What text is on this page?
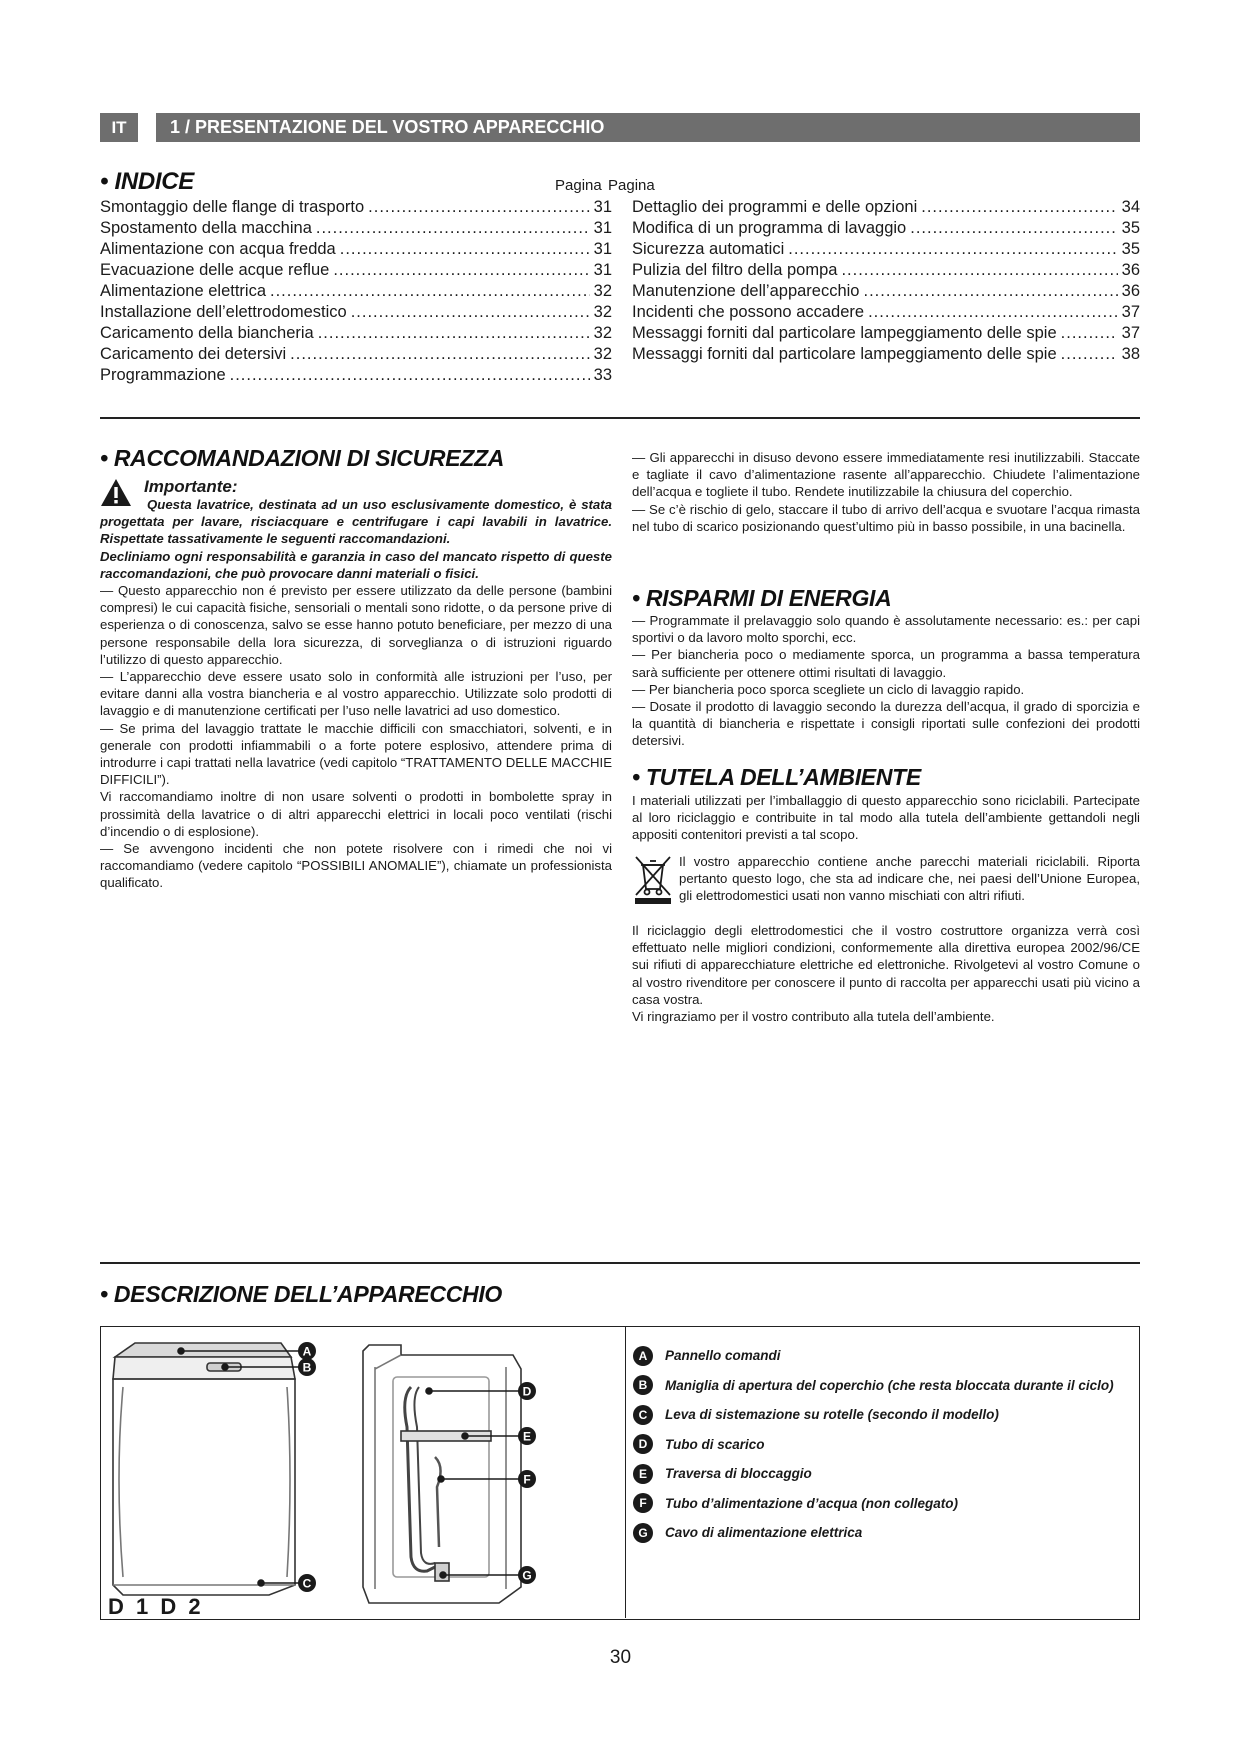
IT	1 / PRESENTAZIONE DEL VOSTRO APPARECCHIO
• INDICE	Pagina Pagina
Smontaggio delle flange di trasporto .....	31
Spostamento della macchina .....	31
Alimentazione con acqua fredda .....	31
Evacuazione delle acque reflue .....	31
Alimentazione elettrica .....	32
Installazione dell’elettrodomestico .....	32
Caricamento della biancheria .....	32
Caricamento dei detersivi .....	32
Programmazione .....	33
Dettaglio dei programmi e delle opzioni .....	34
Modifica di un programma di lavaggio .....	35
Sicurezza automatici .....	35
Pulizia del filtro della pompa .....	36
Manutenzione dell’apparecchio .....	36
Incidenti che possono accadere .....	37
Messaggi forniti dal particolare lampeggiamento delle spie .....	37
Messaggi forniti dal particolare lampeggiamento delle spie .....	38
• RACCOMANDAZIONI DI SICUREZZA

Importante:

Questa lavatrice, destinata ad un uso esclusivamente domestico, è stata progettata per lavare, risciacquare e centrifugare i capi lavabili in lavatrice. Rispettate tassativamente le seguenti raccomandazioni.

Decliniamo ogni responsabilità e garanzia in caso del mancato rispetto di queste raccomandazioni, che può provocare danni materiali o fisici.

— Questo apparecchio non é previsto per essere utilizzato da delle persone (bambini compresi) le cui capacità fisiche, sensoriali o mentali sono ridotte, o da persone prive di esperienza o di conoscenza, salvo se esse hanno potuto beneficiare, per mezzo di una persone responsabile della lora sicurezza, di sorveglianza o di istruzioni riguardo l’utilizzo di questo apparecchio.

— L’apparecchio deve essere usato solo in conformità alle istruzioni per l’uso, per evitare danni alla vostra biancheria e al vostro apparecchio. Utilizzate solo prodotti di lavaggio e di manutenzione certificati per l’uso nelle lavatrici ad uso domestico.

— Se prima del lavaggio trattate le macchie difficili con smacchiatori, solventi, e in generale con prodotti infiammabili o a forte potere esplosivo, attendere prima di introdurre i capi trattati nella lavatrice (vedi capitolo “TRATTAMENTO DELLE MACCHIE DIFFICILI”).

Vi raccomandiamo inoltre di non usare solventi o prodotti in bombolette spray in prossimità della lavatrice o di altri apparecchi elettrici in locali poco ventilati (rischi d’incendio o di esplosione).

— Se avvengono incidenti che non potete risolvere con i rimedi che noi vi raccomandiamo (vedere capitolo “POSSIBILI ANOMALIE”), chiamate un professionista qualificato.

— Gli apparecchi in disuso devono essere immediatamente resi inutilizzabili. Staccate e tagliate il cavo d’alimentazione rasente all’apparecchio. Chiudete l’alimentazione dell’acqua e togliete il tubo. Rendete inutilizzabile la chiusura del coperchio.

— Se c’è rischio di gelo, staccare il tubo di arrivo dell’acqua e svuotare l’acqua rimasta nel tubo di scarico posizionando quest’ultimo più in basso possibile, in una bacinella.

• RISPARMI DI ENERGIA

— Programmate il prelavaggio solo quando è assolutamente necessario: es.: per capi sportivi o da lavoro molto sporchi, ecc.

— Per biancheria poco o mediamente sporca, un programma a bassa temperatura sarà sufficiente per ottenere ottimi risultati di lavaggio.

— Per biancheria poco sporca scegliete un ciclo di lavaggio rapido.

— Dosate il prodotto di lavaggio secondo la durezza dell’acqua, il grado di sporcizia e la quantità di biancheria e rispettate i consigli riportati sulle confezioni dei prodotti detersivi.

• TUTELA DELL’AMBIENTE
I materiali utilizzati per l’imballaggio di questo apparecchio sono riciclabili. Partecipate al loro riciclaggio e contribuite in tal modo alla tutela dell’ambiente gettandoli negli appositi contenitori previsti a tal scopo.
Il vostro apparecchio contiene anche parecchi materiali riciclabili. Riporta pertanto questo logo, che sta ad indicare che, nei paesi dell’Unione Europea, gli elettrodomestici usati non vanno mischiati con altri rifiuti.

Il riciclaggio degli elettrodomestici che il vostro costruttore organizza verrà così effettuato nelle migliori condizioni, conformemente alla direttiva europea 2002/96/CE sui rifiuti di apparecchiature elettriche ed elettroniche. Rivolgetevi al vostro Comune o al vostro rivenditore per conoscere il punto di raccolta per apparecchi usati più vicino a casa vostra.

Vi ringraziamo per il vostro contributo alla tutela dell’ambiente.

• DESCRIZIONE DELL’APPARECCHIO
A
B
C
D
E
F
G
D 1 D 2
A	Pannello comandi
B	Maniglia di apertura del coperchio (che resta bloccata durante il ciclo)
C	Leva di sistemazione su rotelle (secondo il modello)
D	Tubo di scarico
E	Traversa di bloccaggio
F	Tubo d’alimentazione d’acqua (non collegato)
G	Cavo di alimentazione elettrica
30
